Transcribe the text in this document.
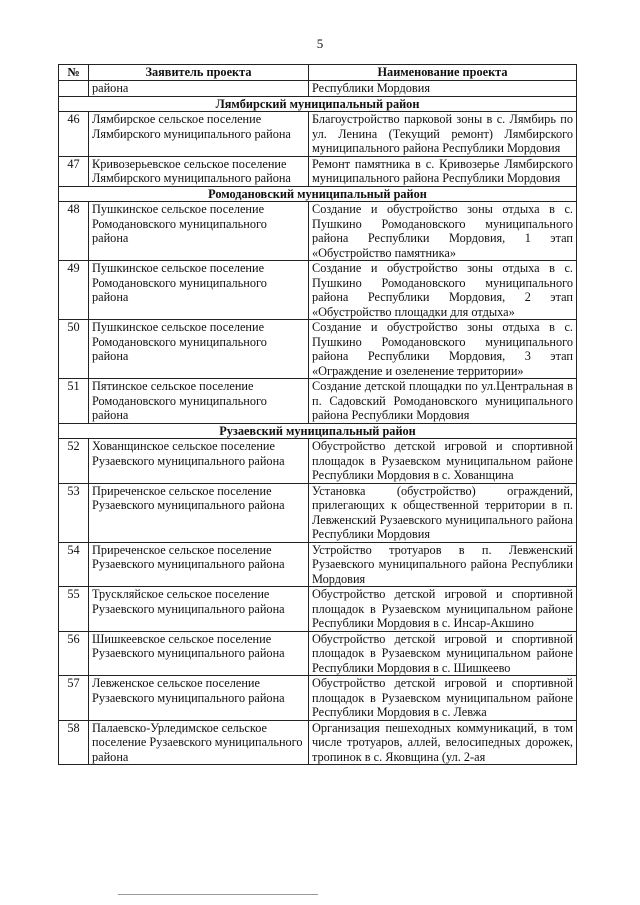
5
№	Заявитель проекта	Наименование проекта
	района	Республики Мордовия
Лямбирский муниципальный район		
46	Лямбирское сельское поселение Лямбирского муниципального района	Благоустройство парковой зоны в с. Лямбирь по ул. Ленина (Текущий ремонт) Лямбирского муниципального района Республики Мордовия
47	Кривозерьевское сельское поселение Лямбирского муниципального района	Ремонт памятника в с. Кривозерье Лямбирского муниципального района Республики Мордовия
Ромодановский муниципальный район		
48	Пушкинское сельское поселение Ромодановского муниципального района	Создание и обустройство зоны отдыха в с. Пушкино Ромодановского муниципального района Республики Мордовия, 1 этап «Обустройство памятника»
49	Пушкинское сельское поселение Ромодановского муниципального района	Создание и обустройство зоны отдыха в с. Пушкино Ромодановского муниципального района Республики Мордовия, 2 этап «Обустройство площадки для отдыха»
50	Пушкинское сельское поселение Ромодановского муниципального района	Создание и обустройство зоны отдыха в с. Пушкино Ромодановского муниципального района Республики Мордовия, 3 этап «Ограждение и озеленение территории»
51	Пятинское сельское поселение Ромодановского муниципального района	Создание детской площадки по ул.Центральная в п. Садовский Ромодановского муниципального района Республики Мордовия
Рузаевский муниципальный район		
52	Хованщинское сельское поселение Рузаевского муниципального района	Обустройство детской игровой и спортивной площадок в Рузаевском муниципальном районе Республики Мордовия в с. Хованщина
53	Приреченское сельское поселение Рузаевского муниципального района	Установка (обустройство) ограждений, прилегающих к общественной территории в п. Левженский Рузаевского муниципального района Республики Мордовия
54	Приреченское сельское поселение Рузаевского муниципального района	Устройство тротуаров в п. Левженский Рузаевского муниципального района Республики Мордовия
55	Трускляйское сельское поселение Рузаевского муниципального района	Обустройство детской игровой и спортивной площадок в Рузаевском муниципальном районе Республики Мордовия в с. Инсар-Акшино
56	Шишкеевское сельское поселение Рузаевского муниципального района	Обустройство детской игровой и спортивной площадок в Рузаевском муниципальном районе Республики Мордовия в с. Шишкеево
57	Левженское сельское поселение Рузаевского муниципального района	Обустройство детской игровой и спортивной площадок в Рузаевском муниципальном районе Республики Мордовия в с. Левжа
58	Палаевско-Урледимское сельское поселение Рузаевского муниципального района	Организация пешеходных коммуникаций, в том числе тротуаров, аллей, велосипедных дорожек, тропинок в с. Яковщина (ул. 2-ая
